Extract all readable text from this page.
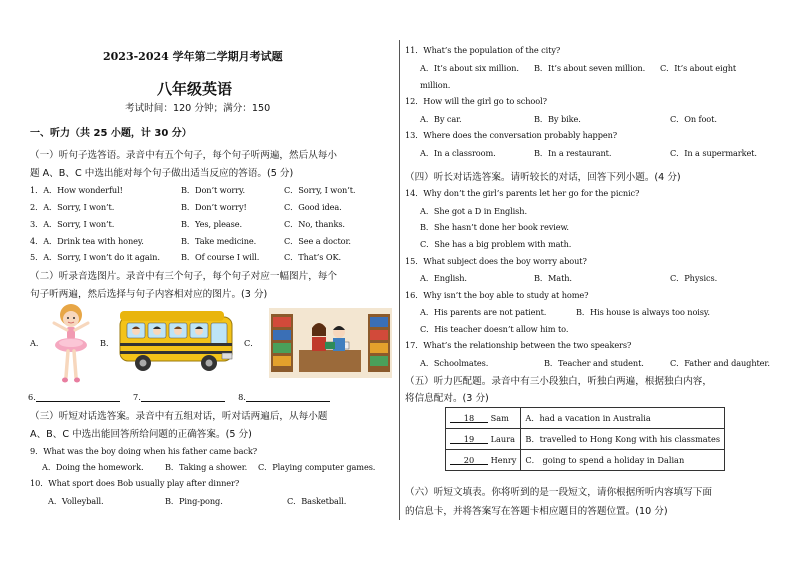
2023-2024 学年第二学期月考试题
八年级英语
考试时间：120 分钟；满分：150
一、听力（共 25 小题，计 30 分）
（一）听句子选答语。录音中有五个句子，每个句子听两遍，然后从每小
题 A、B、C 中选出能对每个句子做出适当反应的答语。(5 分)
1．A．How wonderful!	B．Don’t worry.	C．Sorry, I won’t.
2．A．Sorry, I won’t.	B．Don’t worry!	C．Good idea.
3．A．Sorry, I won’t.	B．Yes, please.	C．No, thanks.
4．A．Drink tea with honey.	B．Take medicine.	C．See a doctor.
5．A．Sorry, I won’t do it again.	B．Of course I will.	C．That’s OK.
（二）听录音选图片。录音中有三个句子，每个句子对应一幅图片，每个
句子听两遍，然后选择与句子内容相对应的图片。(3 分)
A．	B．	C．
6.	7.	8.
（三）听短对话选答案。录音中有五组对话，听对话两遍后，从每小题
A、B、C 中选出能回答所给问题的正确答案。(5 分)
9．What was the boy doing when his father came back?
A．Doing the homework.	B．Taking a shower. C．Playing computer games.
10．What sport does Bob usually play after dinner?
A．Volleyball.	B．Ping-pong.	C．Basketball.
11．What’s the population of the city?
A．It’s about six million. B．It’s about seven million. C．It’s about eight
million.
12．How will the girl go to school?
A．By car.	B．By bike.	C．On foot.
13．Where does the conversation probably happen?
A．In a classroom.	B．In a restaurant.	C．In a supermarket.
（四）听长对话选答案。请听较长的对话，回答下列小题。(4 分)
14．Why don’t the girl’s parents let her go for the picnic?
A．She got a D in English.
B．She hasn’t done her book review.
C．She has a big problem with math.
15．What subject does the boy worry about?
A．English.	B．Math.	C．Physics.
16．Why isn’t the boy able to study at home?
A．His parents are not patient.	B．His house is always too noisy.
C．His teacher doesn’t allow him to.
17．What’s the relationship between the two speakers?
A．Schoolmates.	B．Teacher and student.	C．Father and daughter.
（五）听力匹配题。录音中有三小段独白，听独白两遍，根据独白内容，
将信息配对。(3 分)
18 Sam	A．had a vacation in Australia
19 Laura	B．travelled to Hong Kong with his classmates
20 Henry	C． going to spend a holiday in Dalian
（六）听短文填表。你将听到的是一段短文，请你根据所听内容填写下面
的信息卡，并将答案写在答题卡相应题目的答题位置。(10 分)
